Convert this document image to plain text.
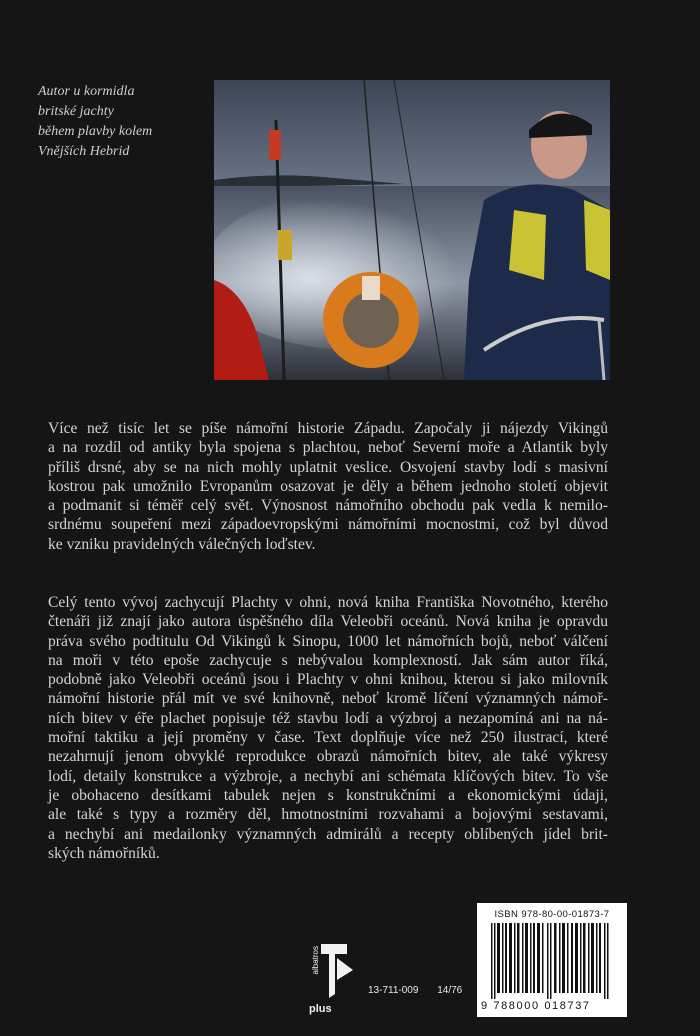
Autor u kormidla
britské jachty
během plavby kolem
Vnějších Hebrid
Více než tisíc let se píše námořní historie Západu. Započaly ji nájezdy Vikingů
a na rozdíl od antiky byla spojena s plachtou, neboť Severní moře a Atlantik byly
příliš drsné, aby se na nich mohly uplatnit veslice. Osvojení stavby lodí s masivní
kostrou pak umožnilo Evropanům osazovat je děly a během jednoho století objevit
a podmanit si téměř celý svět. Výnosnost námořního obchodu pak vedla k nemilo-
srdnému soupeření mezi západoevropskými námořními mocnostmi, což byl důvod
ke vzniku pravidelných válečných loďstev.
Celý tento vývoj zachycují Plachty v ohni, nová kniha Františka Novotného, kterého
čtenáři již znají jako autora úspěšného díla Veleobři oceánů. Nová kniha je opravdu
práva svého podtitulu Od Vikingů k Sinopu, 1000 let námořních bojů, neboť válčení
na moři v této epoše zachycuje s nebývalou komplexností. Jak sám autor říká,
podobně jako Veleobři oceánů jsou i Plachty v ohni knihou, kterou si jako milovník
námořní historie přál mít ve své knihovně, neboť kromě líčení významných námoř-
ních bitev v éře plachet popisuje též stavbu lodí a výzbroj a nezapomíná ani na ná-
mořní taktiku a její proměny v čase. Text doplňuje více než 250 ilustrací, které
nezahrnují jenom obvyklé reprodukce obrazů námořních bitev, ale také výkresy
lodí, detaily konstrukce a výzbroje, a nechybí ani schémata klíčových bitev. To vše
je obohaceno desítkami tabulek nejen s konstrukčními a ekonomickými údaji,
ale také s typy a rozměry děl, hmotnostními rozvahami a bojovými sestavami,
a nechybí ani medailonky významných admirálů a recepty oblíbených jídel brit-
ských námořníků.
albatros
plus
13-711-009 14/76
ISBN 978-80-00-01873-7
9 788000 018737
